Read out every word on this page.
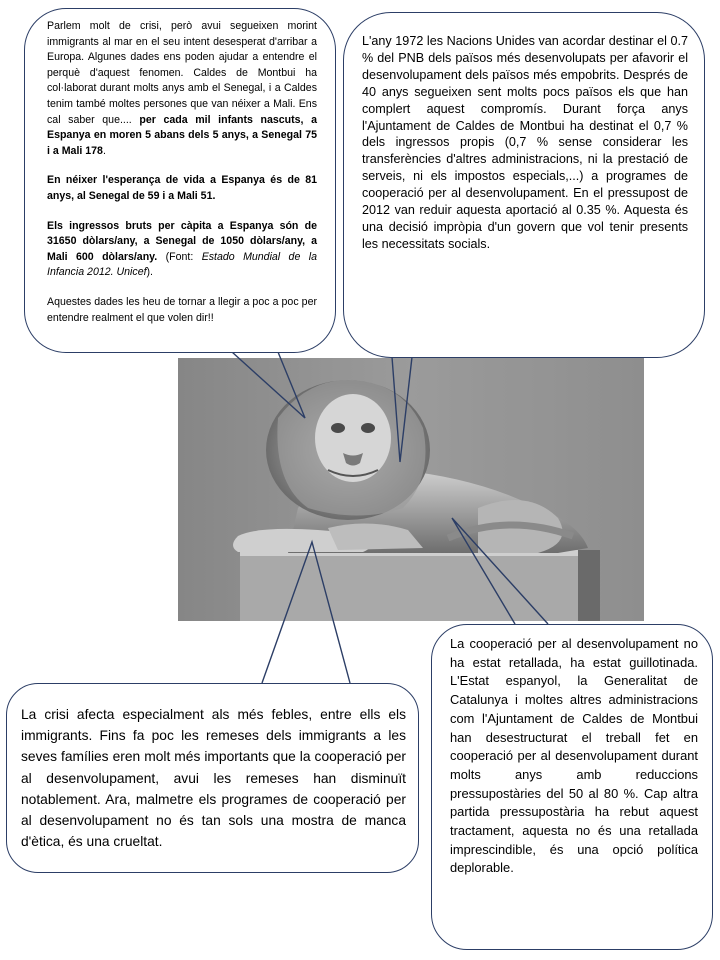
Parlem molt de crisi, però avui segueixen morint immigrants al mar en el seu intent desesperat d'arribar a Europa. Algunes dades ens poden ajudar a entendre el perquè d'aquest fenomen. Caldes de Montbui ha col·laborat durant molts anys amb el Senegal, i a Caldes tenim també moltes persones que van néixer a Mali. Ens cal saber que.... per cada mil infants nascuts, a Espanya en moren 5 abans dels 5 anys, a Senegal 75 i a Mali 178.

En néixer l'esperança de vida a Espanya és de 81 anys, al Senegal de 59 i a Mali 51.

Els ingressos bruts per càpita a Espanya són de 31650 dòlars/any, a Senegal de 1050 dòlars/any, a Mali 600 dòlars/any. (Font: Estado Mundial de la Infancia 2012. Unicef).

Aquestes dades les heu de tornar a llegir a poc a poc per entendre realment el que volen dir!!

L'any 1972 les Nacions Unides van acordar destinar el 0.7 % del PNB dels països més desenvolupats per afavorir el desenvolupament dels països més empobrits. Després de 40 anys segueixen sent molts pocs països els que han complert aquest compromís. Durant força anys l'Ajuntament de Caldes de Montbui ha destinat el 0,7 % dels ingressos propis (0,7 % sense considerar les transferències d'altres administracions, ni la prestació de serveis, ni els impostos especials,...) a programes de cooperació per al desenvolupament. En el pressupost de 2012 van reduir aquesta aportació al 0.35 %. Aquesta és una decisió impròpia d'un govern que vol tenir presents les necessitats socials.

La crisi afecta especialment als més febles, entre ells els immigrants. Fins fa poc les remeses dels immigrants a les seves famílies eren molt més importants que la cooperació per al desenvolupament, avui les remeses han disminuït notablement. Ara, malmetre els programes de cooperació per al desenvolupament no és tan sols una mostra de manca d'ètica, és una crueltat.

La cooperació per al desenvolupament no ha estat retallada, ha estat guillotinada. L'Estat espanyol, la Generalitat de Catalunya i moltes altres administracions com l'Ajuntament de Caldes de Montbui han desestructurat el treball fet en cooperació per al desenvolupament durant molts anys amb reduccions pressupostàries del 50 al 80 %. Cap altra partida pressupostària ha rebut aquest tractament, aquesta no és una retallada imprescindible, és una opció política deplorable.
